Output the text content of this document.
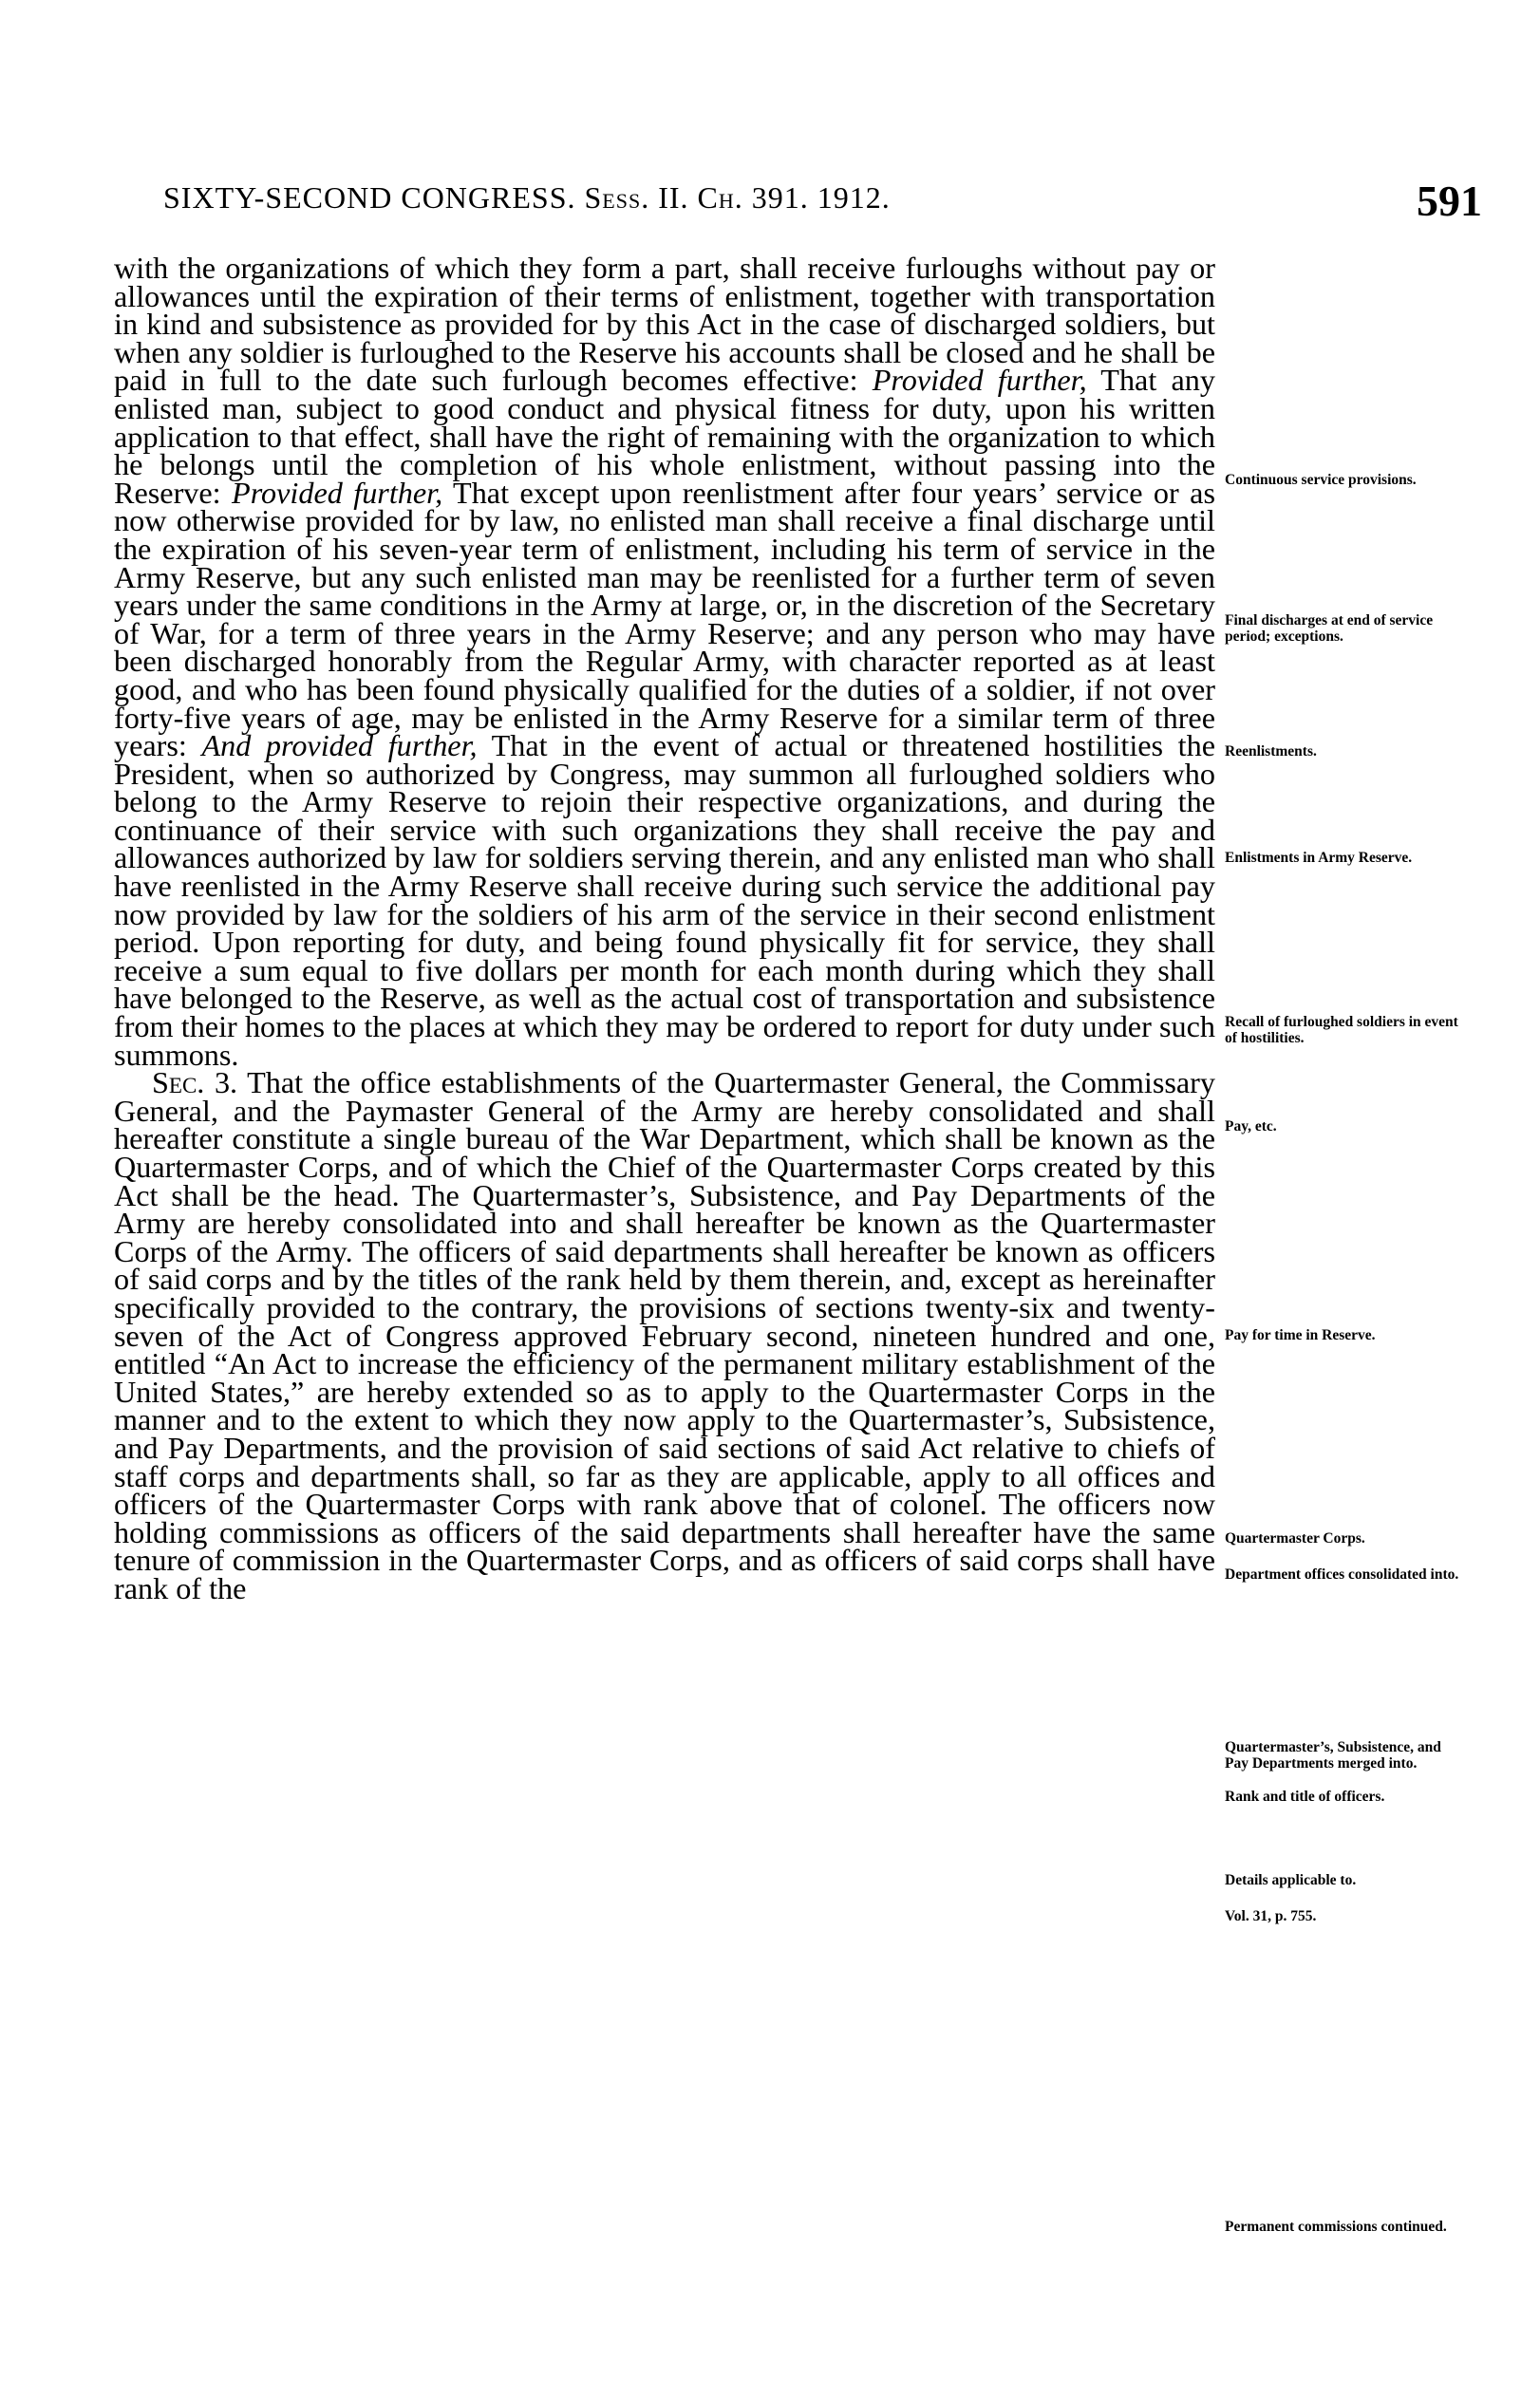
SIXTY-SECOND CONGRESS. Sess. II. Ch. 391. 1912.	591

with the organizations of which they form a part, shall receive furloughs without pay or allowances until the expiration of their terms of enlistment, together with transportation in kind and subsistence as provided for by this Act in the case of discharged soldiers, but when any soldier is furloughed to the Reserve his accounts shall be closed and he shall be paid in full to the date such furlough becomes effective: Provided further, That any enlisted man, subject to good conduct and physical fitness for duty, upon his written application to that effect, shall have the right of remaining with the organization to which he belongs until the completion of his whole enlistment, without passing into the Reserve: Provided further, That except upon reenlistment after four years’ service or as now otherwise provided for by law, no enlisted man shall receive a final discharge until the expiration of his seven-year term of enlistment, including his term of service in the Army Reserve, but any such enlisted man may be reenlisted for a further term of seven years under the same conditions in the Army at large, or, in the discretion of the Secretary of War, for a term of three years in the Army Reserve; and any person who may have been discharged honorably from the Regular Army, with character reported as at least good, and who has been found physically qualified for the duties of a soldier, if not over forty-five years of age, may be enlisted in the Army Reserve for a similar term of three years: And provided further, That in the event of actual or threatened hostilities the President, when so authorized by Congress, may summon all furloughed soldiers who belong to the Army Reserve to rejoin their respective organizations, and during the continuance of their service with such organizations they shall receive the pay and allowances authorized by law for soldiers serving therein, and any enlisted man who shall have reenlisted in the Army Reserve shall receive during such service the additional pay now provided by law for the soldiers of his arm of the service in their second enlistment period. Upon reporting for duty, and being found physically fit for service, they shall receive a sum equal to five dollars per month for each month during which they shall have belonged to the Reserve, as well as the actual cost of transportation and subsistence from their homes to the places at which they may be ordered to report for duty under such summons.

Sec. 3. That the office establishments of the Quartermaster General, the Commissary General, and the Paymaster General of the Army are hereby consolidated and shall hereafter constitute a single bureau of the War Department, which shall be known as the Quartermaster Corps, and of which the Chief of the Quartermaster Corps created by this Act shall be the head. The Quartermaster’s, Subsistence, and Pay Departments of the Army are hereby consolidated into and shall hereafter be known as the Quartermaster Corps of the Army. The officers of said departments shall hereafter be known as officers of said corps and by the titles of the rank held by them therein, and, except as hereinafter specifically provided to the contrary, the provisions of sections twenty-six and twenty-seven of the Act of Congress approved February second, nineteen hundred and one, entitled “An Act to increase the efficiency of the permanent military establishment of the United States,” are hereby extended so as to apply to the Quartermaster Corps in the manner and to the extent to which they now apply to the Quartermaster’s, Subsistence, and Pay Departments, and the provision of said sections of said Act relative to chiefs of staff corps and departments shall, so far as they are applicable, apply to all offices and officers of the Quartermaster Corps with rank above that of colonel. The officers now holding commissions as officers of the said departments shall hereafter have the same tenure of commission in the Quartermaster Corps, and as officers of said corps shall have rank of the

Continuous service provisions.
Final discharges at end of service period; exceptions.
Reenlistments.
Enlistments in Army Reserve.
Recall of furloughed soldiers in event of hostilities.
Pay, etc.
Pay for time in Reserve.
Quartermaster Corps.
Department offices consolidated into.
Quartermaster’s, Subsistence, and Pay Departments merged into.
Rank and title of officers.
Details applicable to.
Vol. 31, p. 755.
Permanent commissions continued.
